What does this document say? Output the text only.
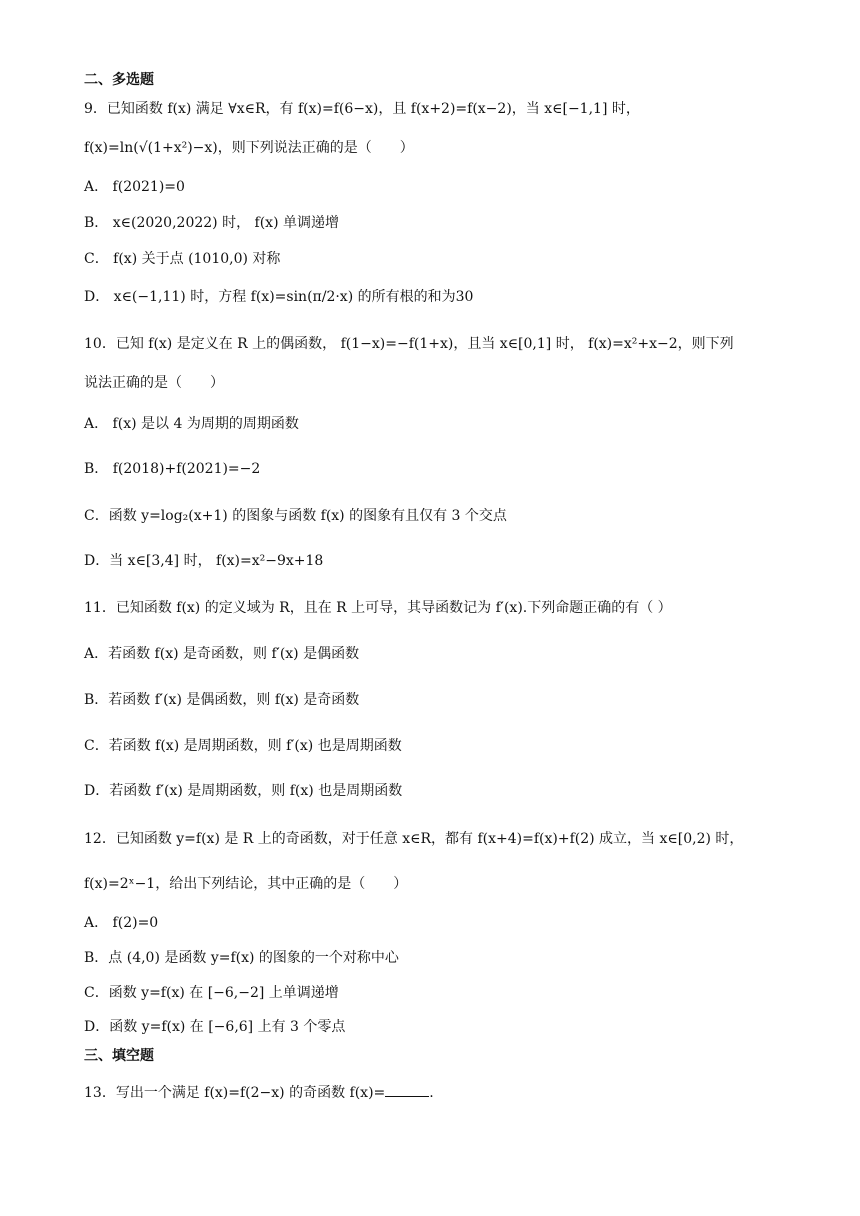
二、多选题
9．已知函数 f(x) 满足 ∀x∈R，有 f(x)=f(6−x)，且 f(x+2)=f(x−2)，当 x∈[−1,1] 时，
f(x)=ln(√(1+x²)−x)，则下列说法正确的是（　　）
A． f(2021)=0
B． x∈(2020,2022) 时， f(x) 单调递增
C． f(x) 关于点 (1010,0) 对称
D． x∈(−1,11) 时，方程 f(x)=sin(π/2·x) 的所有根的和为30
10．已知 f(x) 是定义在 R 上的偶函数， f(1−x)=−f(1+x)，且当 x∈[0,1] 时， f(x)=x²+x−2，则下列
说法正确的是（　　）
A． f(x) 是以 4 为周期的周期函数
B． f(2018)+f(2021)=−2
C．函数 y=log₂(x+1) 的图象与函数 f(x) 的图象有且仅有 3 个交点
D．当 x∈[3,4] 时， f(x)=x²−9x+18
11．已知函数 f(x) 的定义域为 R，且在 R 上可导，其导函数记为 f′(x).下列命题正确的有（ ）
A．若函数 f(x) 是奇函数，则 f′(x) 是偶函数
B．若函数 f′(x) 是偶函数，则 f(x) 是奇函数
C．若函数 f(x) 是周期函数，则 f′(x) 也是周期函数
D．若函数 f′(x) 是周期函数，则 f(x) 也是周期函数
12．已知函数 y=f(x) 是 R 上的奇函数，对于任意 x∈R，都有 f(x+4)=f(x)+f(2) 成立，当 x∈[0,2) 时，
f(x)=2ˣ−1，给出下列结论，其中正确的是（　　）
A． f(2)=0
B．点 (4,0) 是函数 y=f(x) 的图象的一个对称中心
C．函数 y=f(x) 在 [−6,−2] 上单调递增
D．函数 y=f(x) 在 [−6,6] 上有 3 个零点
三、填空题
13．写出一个满足 f(x)=f(2−x) 的奇函数 f(x)=	.
